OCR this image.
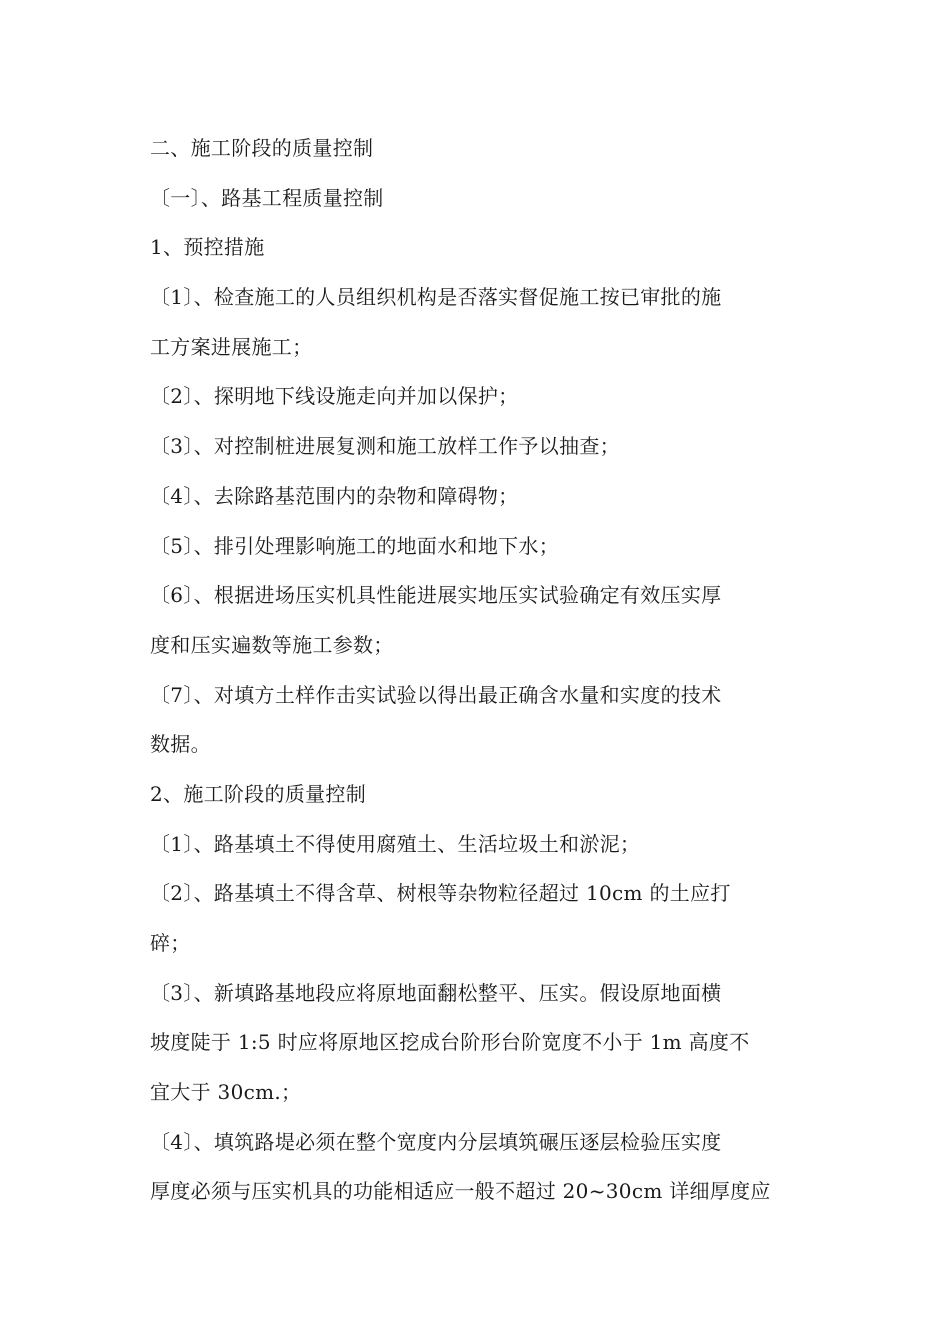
二、施工阶段的质量控制
〔一〕、路基工程质量控制
1、预控措施
〔1〕、检查施工的人员组织机构是否落实督促施工按已审批的施
工方案进展施工；
〔2〕、探明地下线设施走向并加以保护；
〔3〕、对控制桩进展复测和施工放样工作予以抽查；
〔4〕、去除路基范围内的杂物和障碍物；
〔5〕、排引处理影响施工的地面水和地下水；
〔6〕、根据进场压实机具性能进展实地压实试验确定有效压实厚
度和压实遍数等施工参数；
〔7〕、对填方土样作击实试验以得出最正确含水量和实度的技术
数据。
2、施工阶段的质量控制
〔1〕、路基填土不得使用腐殖土、生活垃圾土和淤泥；
〔2〕、路基填土不得含草、树根等杂物粒径超过 10cm 的土应打
碎；
〔3〕、新填路基地段应将原地面翻松整平、压实。假设原地面横
坡度陡于 1:5 时应将原地区挖成台阶形台阶宽度不小于 1m 高度不
宜大于 30cm.；
〔4〕、填筑路堤必须在整个宽度内分层填筑碾压逐层检验压实度
厚度必须与压实机具的功能相适应一般不超过 20~30cm 详细厚度应
